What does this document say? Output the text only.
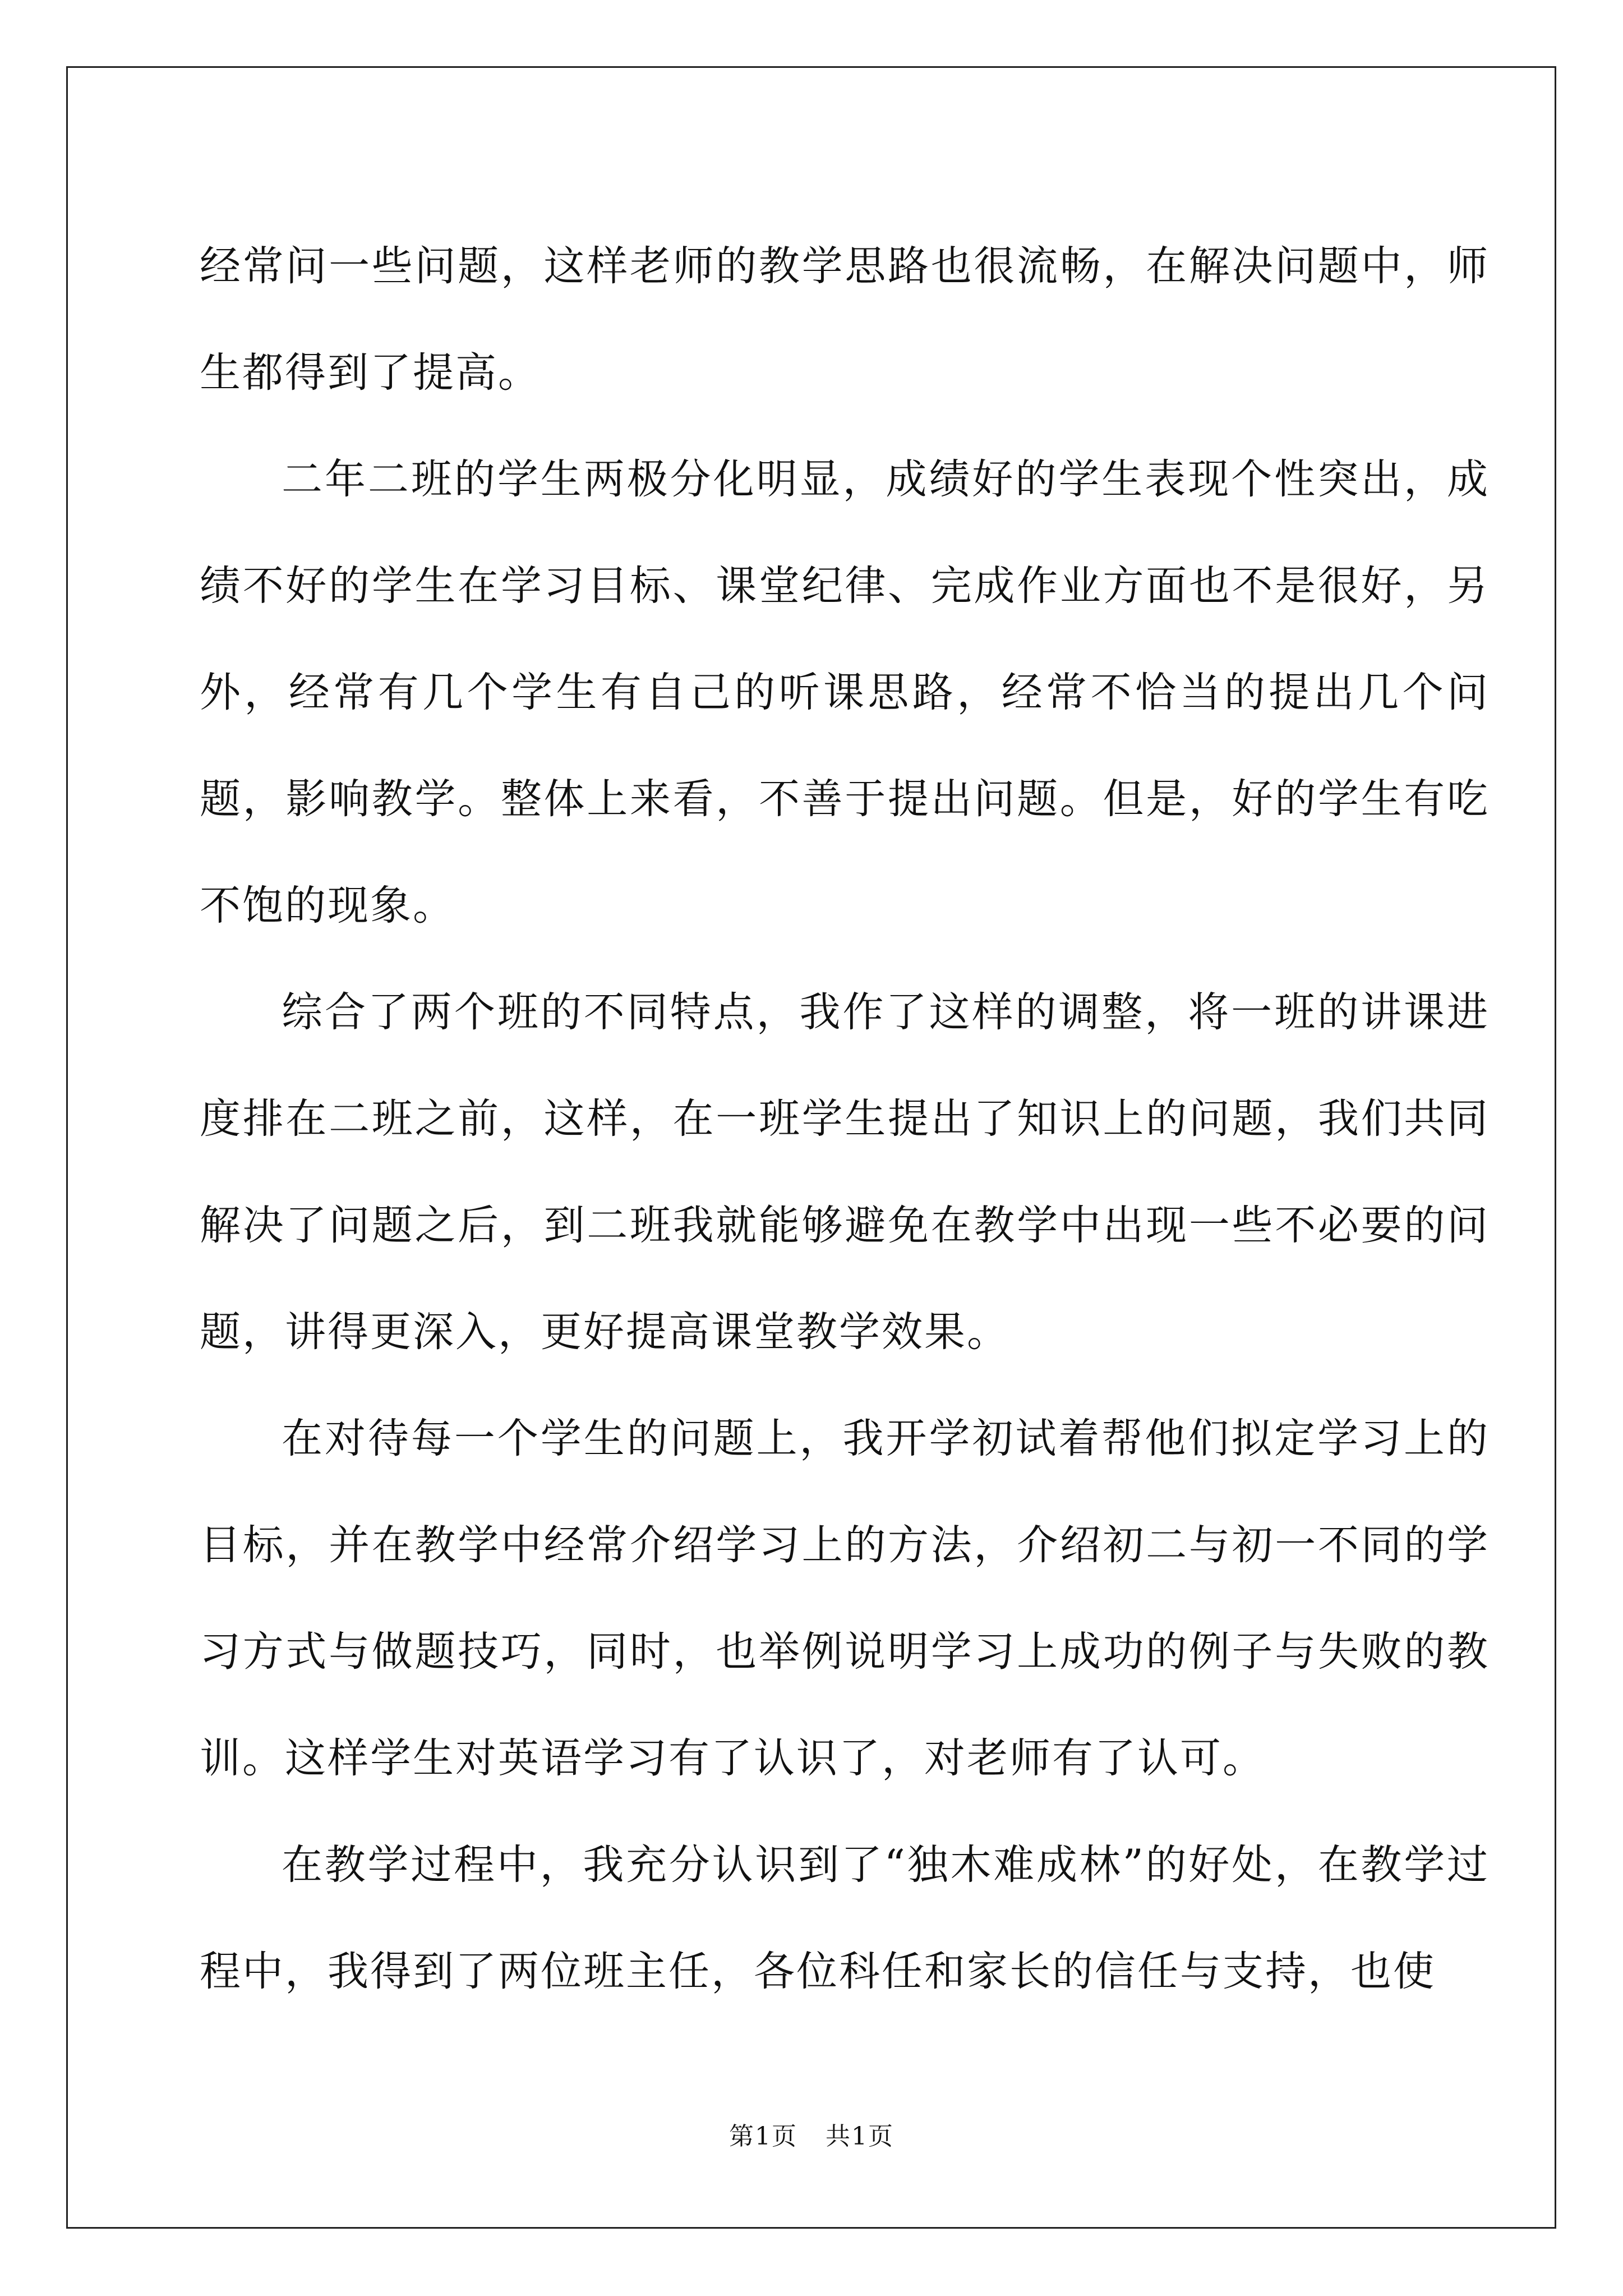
经常问一些问题，这样老师的教学思路也很流畅，在解决问题中，师生都得到了提高。

二年二班的学生两极分化明显，成绩好的学生表现个性突出，成绩不好的学生在学习目标、课堂纪律、完成作业方面也不是很好，另外，经常有几个学生有自己的听课思路，经常不恰当的提出几个问题，影响教学。整体上来看，不善于提出问题。但是，好的学生有吃不饱的现象。

综合了两个班的不同特点，我作了这样的调整，将一班的讲课进度排在二班之前，这样，在一班学生提出了知识上的问题，我们共同解决了问题之后，到二班我就能够避免在教学中出现一些不必要的问题，讲得更深入，更好提高课堂教学效果。

在对待每一个学生的问题上，我开学初试着帮他们拟定学习上的目标，并在教学中经常介绍学习上的方法，介绍初二与初一不同的学习方式与做题技巧，同时，也举例说明学习上成功的例子与失败的教训。这样学生对英语学习有了认识了，对老师有了认可。

在教学过程中，我充分认识到了“独木难成林”的好处，在教学过程中，我得到了两位班主任，各位科任和家长的信任与支持，也使

第1页 共1页
